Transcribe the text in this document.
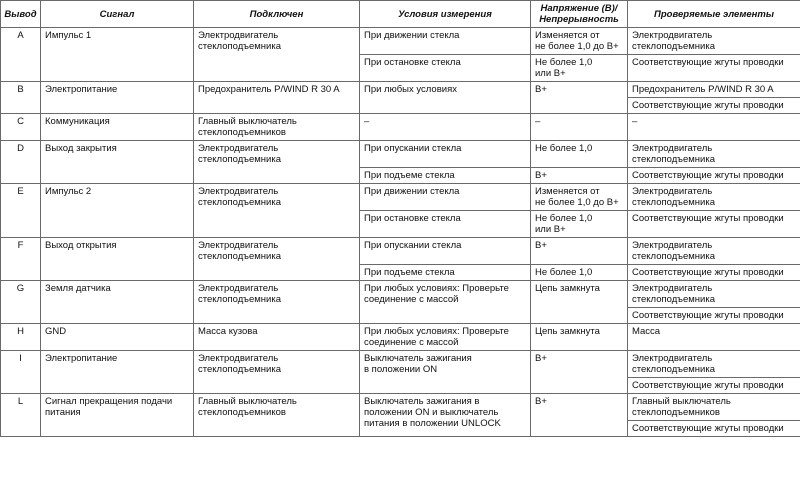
Вывод	Сигнал	Подключен	Условия измерения	Напряжение (В)/
Непрерывность	Проверяемые элементы
A	Импульс 1	Электродвигатель
стеклоподъемника	При движении стекла	Изменяется от
не более 1,0 до В+	Электродвигатель
стеклоподъемника
			При остановке стекла	Не более 1,0
или В+	Соответствующие жгуты проводки
B	Электропитание	Предохранитель P/WIND R 30 A	При любых условиях	В+	Предохранитель P/WIND R 30 A
					Соответствующие жгуты проводки
C	Коммуникация	Главный выключатель
стеклоподъемников	–	–	–
D	Выход закрытия	Электродвигатель
стеклоподъемника	При опускании стекла	Не более 1,0	Электродвигатель
стеклоподъемника
			При подъеме стекла	В+	Соответствующие жгуты проводки
E	Импульс 2	Электродвигатель
стеклоподъемника	При движении стекла	Изменяется от
не более 1,0 до В+	Электродвигатель
стеклоподъемника
			При остановке стекла	Не более 1,0
или В+	Соответствующие жгуты проводки
F	Выход открытия	Электродвигатель
стеклоподъемника	При опускании стекла	В+	Электродвигатель
стеклоподъемника
			При подъеме стекла	Не более 1,0	Соответствующие жгуты проводки
G	Земля датчика	Электродвигатель
стеклоподъемника	При любых условиях: Проверьте
соединение с массой	Цепь замкнута	Электродвигатель
стеклоподъемника
					Соответствующие жгуты проводки
H	GND	Масса кузова	При любых условиях: Проверьте
соединение с массой	Цепь замкнута	Масса
I	Электропитание	Электродвигатель
стеклоподъемника	Выключатель зажигания
в положении ON	В+	Электродвигатель
стеклоподъемника
					Соответствующие жгуты проводки
L	Сигнал прекращения подачи
питания	Главный выключатель
стеклоподъемников	Выключатель зажигания в
положении ON и выключатель
питания в положении UNLOCK	В+	Главный выключатель
стеклоподъемников
					Соответствующие жгуты проводки
